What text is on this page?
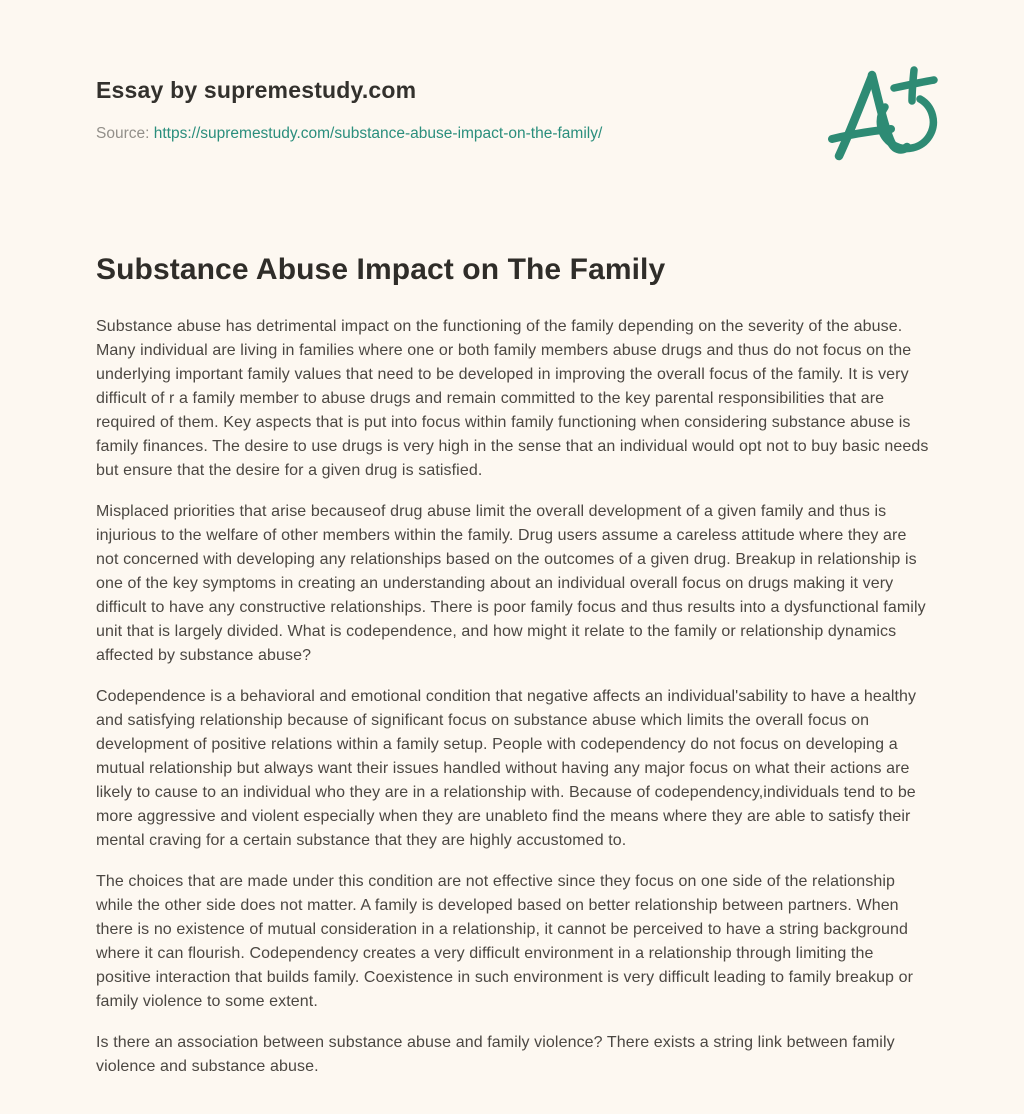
Essay by supremestudy.com
Source: https://supremestudy.com/substance-abuse-impact-on-the-family/
Substance Abuse Impact on The Family

Substance abuse has detrimental impact on the functioning of the family depending on the severity of the abuse. Many individual are living in families where one or both family members abuse drugs and thus do not focus on the underlying important family values that need to be developed in improving the overall focus of the family. It is very difficult of r a family member to abuse drugs and remain committed to the key parental responsibilities that are required of them. Key aspects that is put into focus within family functioning when considering substance abuse is family finances. The desire to use drugs is very high in the sense that an individual would opt not to buy basic needs but ensure that the desire for a given drug is satisfied.

Misplaced priorities that arise becauseof drug abuse limit the overall development of a given family and thus is injurious to the welfare of other members within the family. Drug users assume a careless attitude where they are not concerned with developing any relationships based on the outcomes of a given drug. Breakup in relationship is one of the key symptoms in creating an understanding about an individual overall focus on drugs making it very difficult to have any constructive relationships. There is poor family focus and thus results into a dysfunctional family unit that is largely divided. What is codependence, and how might it relate to the family or relationship dynamics affected by substance abuse?

Codependence is a behavioral and emotional condition that negative affects an individual'sability to have a healthy and satisfying relationship because of significant focus on substance abuse which limits the overall focus on development of positive relations within a family setup. People with codependency do not focus on developing a mutual relationship but always want their issues handled without having any major focus on what their actions are likely to cause to an individual who they are in a relationship with. Because of codependency,individuals tend to be more aggressive and violent especially when they are unableto find the means where they are able to satisfy their mental craving for a certain substance that they are highly accustomed to.

The choices that are made under this condition are not effective since they focus on one side of the relationship while the other side does not matter. A family is developed based on better relationship between partners. When there is no existence of mutual consideration in a relationship, it cannot be perceived to have a string background where it can flourish. Codependency creates a very difficult environment in a relationship through limiting the positive interaction that builds family. Coexistence in such environment is very difficult leading to family breakup or family violence to some extent.

Is there an association between substance abuse and family violence? There exists a string link between family violence and substance abuse.
